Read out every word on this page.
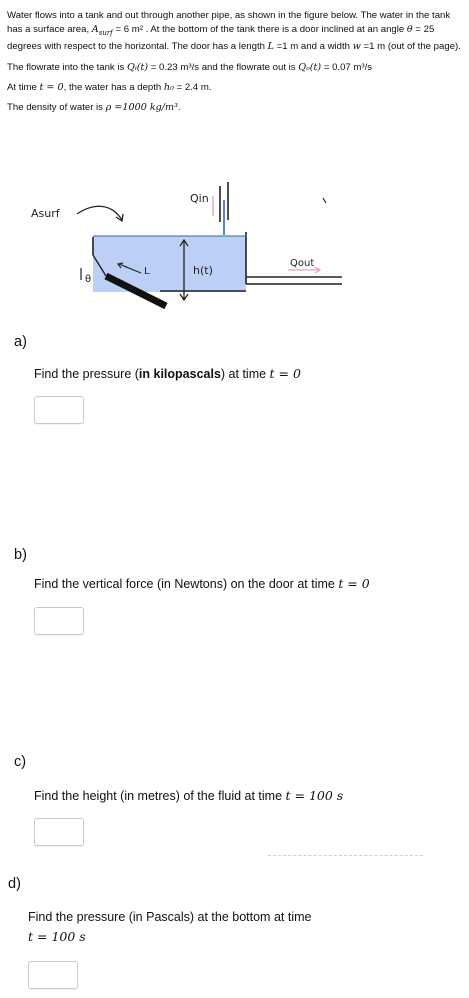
Water flows into a tank and out through another pipe, as shown in the figure below. The water in the tank has a surface area, $A_{surf} = 6$ m² . At the bottom of the tank there is a door inclined at an angle θ = 25 degrees with respect to the horizontal. The door has a length L =1 m and a width w =1 m (out of the page).

The flowrate into the tank is Qᵢ(t) = 0.23 m³/s and the flowrate out is Qₒ(t) = 0.07 m³/s

At time t = 0, the water has a depth h₀ = 2.4 m.

The density of water is ρ =1000 kg/m³.

Asurf
Qin
h(t)
L
θ
Qout
a)
Find the pressure (in kilopascals) at time t = 0
b)
Find the vertical force (in Newtons) on the door at time t = 0
c)
Find the height (in metres) of the fluid at time t = 100 s
d)
Find the pressure (in Pascals) at the bottom at time
t = 100 s
